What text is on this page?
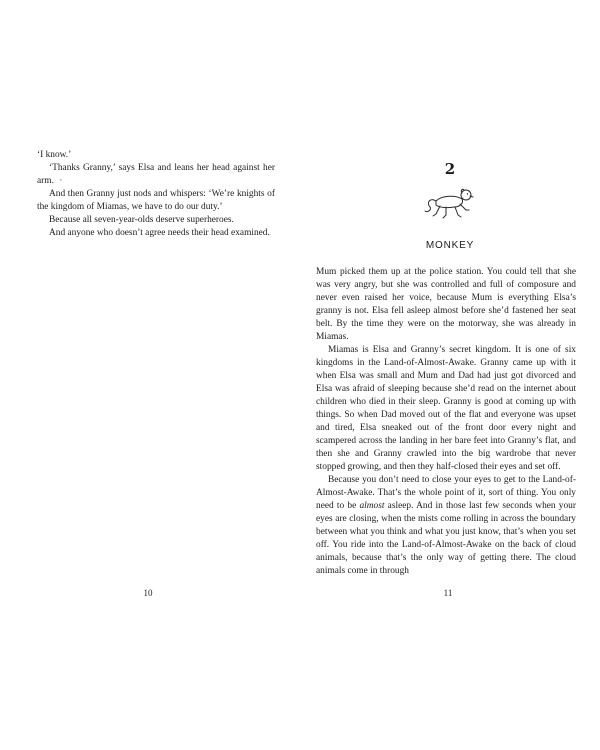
‘I know.’

‘Thanks Granny,’ says Elsa and leans her head against her arm. $^ᵛ$

And then Granny just nods and whispers: ‘We’re knights of the kingdom of Miamas, we have to do our duty.’

Because all seven-year-olds deserve superheroes.

And anyone who doesn’t agree needs their head examined.

10
2
MONKEY

Mum picked them up at the police station. You could tell that she was very angry, but she was controlled and full of composure and never even raised her voice, because Mum is everything Elsa’s granny is not. Elsa fell asleep almost before she’d fastened her seat belt. By the time they were on the motorway, she was already in Miamas.

Miamas is Elsa and Granny’s secret kingdom. It is one of six kingdoms in the Land-of-Almost-Awake. Granny came up with it when Elsa was small and Mum and Dad had just got divorced and Elsa was afraid of sleeping because she’d read on the internet about children who died in their sleep. Granny is good at coming up with things. So when Dad moved out of the flat and everyone was upset and tired, Elsa sneaked out of the front door every night and scampered across the landing in her bare feet into Granny’s flat, and then she and Granny crawled into the big wardrobe that never stopped growing, and then they half-closed their eyes and set off.

Because you don’t need to close your eyes to get to the Land-of-Almost-Awake. That’s the whole point of it, sort of thing. You only need to be almost asleep. And in those last few seconds when your eyes are closing, when the mists come rolling in across the boundary between what you think and what you just know, that’s when you set off. You ride into the Land-of-Almost-Awake on the back of cloud animals, because that’s the only way of getting there. The cloud animals come in through

11
